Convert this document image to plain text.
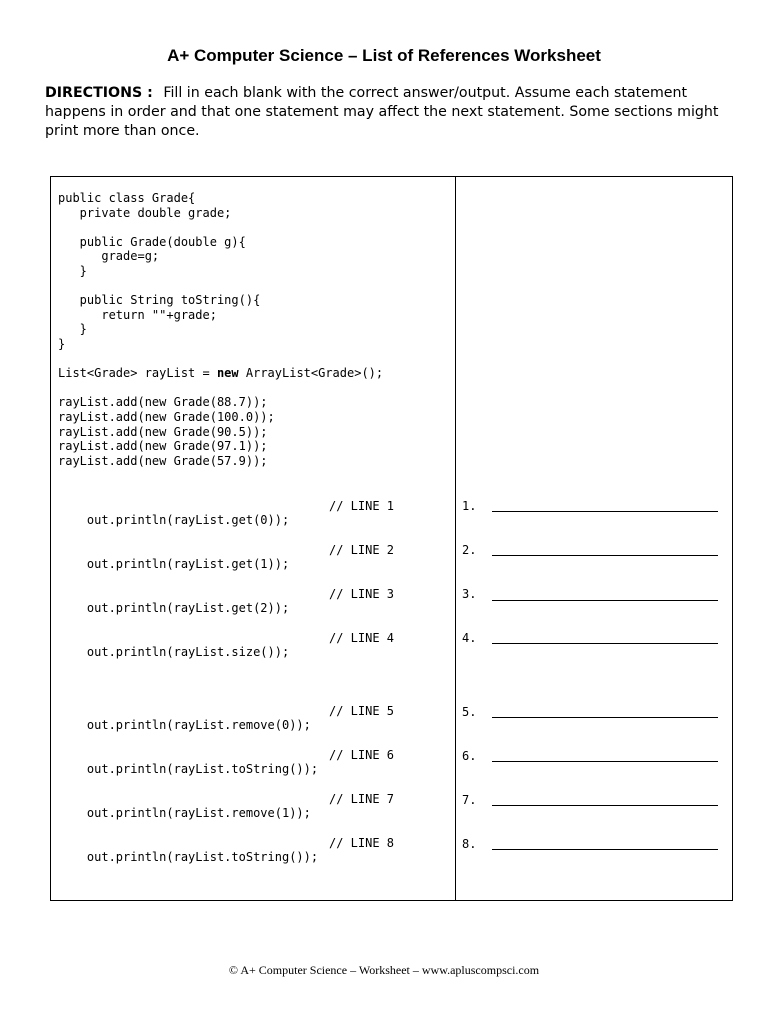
A+ Computer Science – List of References Worksheet
DIRECTIONS : Fill in each blank with the correct answer/output. Assume each statement happens in order and that one statement may affect the next statement. Some sections might print more than once.
public class Grade{
private double grade;

public Grade(double g){
grade=g;
}

public String toString(){
return ""+grade;
}
}

List<Grade> rayList = new ArrayList<Grade>();

rayList.add(new Grade(88.7));
rayList.add(new Grade(100.0));
rayList.add(new Grade(90.5));
rayList.add(new Grade(97.1));
rayList.add(new Grade(57.9));

out.println(rayList.get(0));

// LINE 1

	1.

out.println(rayList.get(1));

// LINE 2

	2.

out.println(rayList.get(2));

// LINE 3

	3.

out.println(rayList.size());

// LINE 4

	4.

out.println(rayList.remove(0));

// LINE 5

	5.

out.println(rayList.toString());

// LINE 6

	6.

out.println(rayList.remove(1));

// LINE 7

	7.

out.println(rayList.toString());

// LINE 8

	8.
© A+ Computer Science – Worksheet – www.apluscompsci.com
